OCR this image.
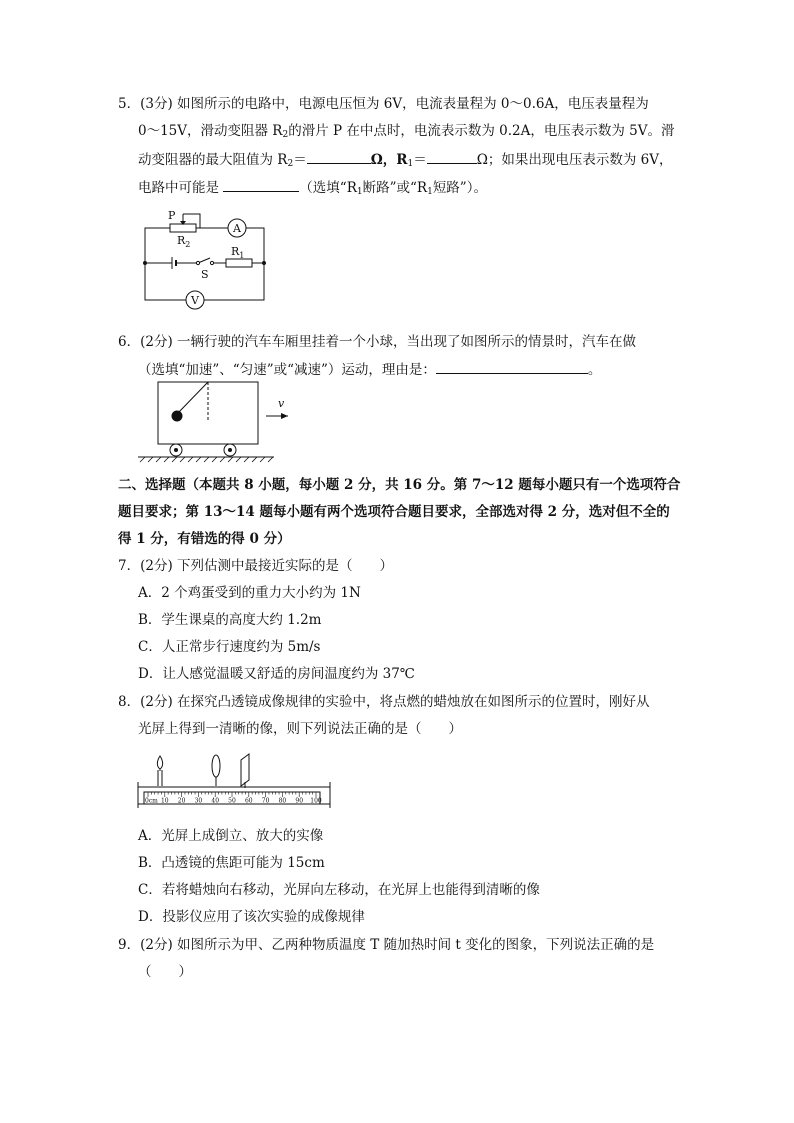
5．(3分) 如图所示的电路中，电源电压恒为 6V，电流表量程为 0～0.6A，电压表量程为
0～15V，滑动变阻器 $R_2$的滑片 P 在中点时，电流表示数为 0.2A，电压表示数为 5V。滑
动变阻器的最大阻值为 $R_2=$	Ω，$R_1=$	Ω；如果出现电压表示数为 6V，
电路中可能是	（选填“$R_1$断路”或“$R_1$短路”）。
P
$R_2$
A
$R_1$
S
V
6．(2分) 一辆行驶的汽车车厢里挂着一个小球，当出现了如图所示的情景时，汽车在做
（选填“加速”、“匀速”或“减速”）运动，理由是：	。
v
二、选择题（本题共 8 小题，每小题 2 分，共 16 分。第 7～12 题每小题只有一个选项符合
题目要求；第 13～14 题每小题有两个选项符合题目要求，全部选对得 2 分，选对但不全的
得 1 分，有错选的得 0 分）
7．(2分) 下列估测中最接近实际的是（　　）
A．2 个鸡蛋受到的重力大小约为 1N
B．学生课桌的高度大约 1.2m
C．人正常步行速度约为 5m/s
D．让人感觉温暖又舒适的房间温度约为 37℃
8．(2分) 在探究凸透镜成像规律的实验中，将点燃的蜡烛放在如图所示的位置时，刚好从
光屏上得到一清晰的像，则下列说法正确的是（　　）
0cm 10 20 30 40 50 60 70 80 90 100
A．光屏上成倒立、放大的实像
B．凸透镜的焦距可能为 15cm
C．若将蜡烛向右移动，光屏向左移动，在光屏上也能得到清晰的像
D．投影仪应用了该次实验的成像规律
9．(2分) 如图所示为甲、乙两种物质温度 T 随加热时间 t 变化的图象，下列说法正确的是
（　　）
